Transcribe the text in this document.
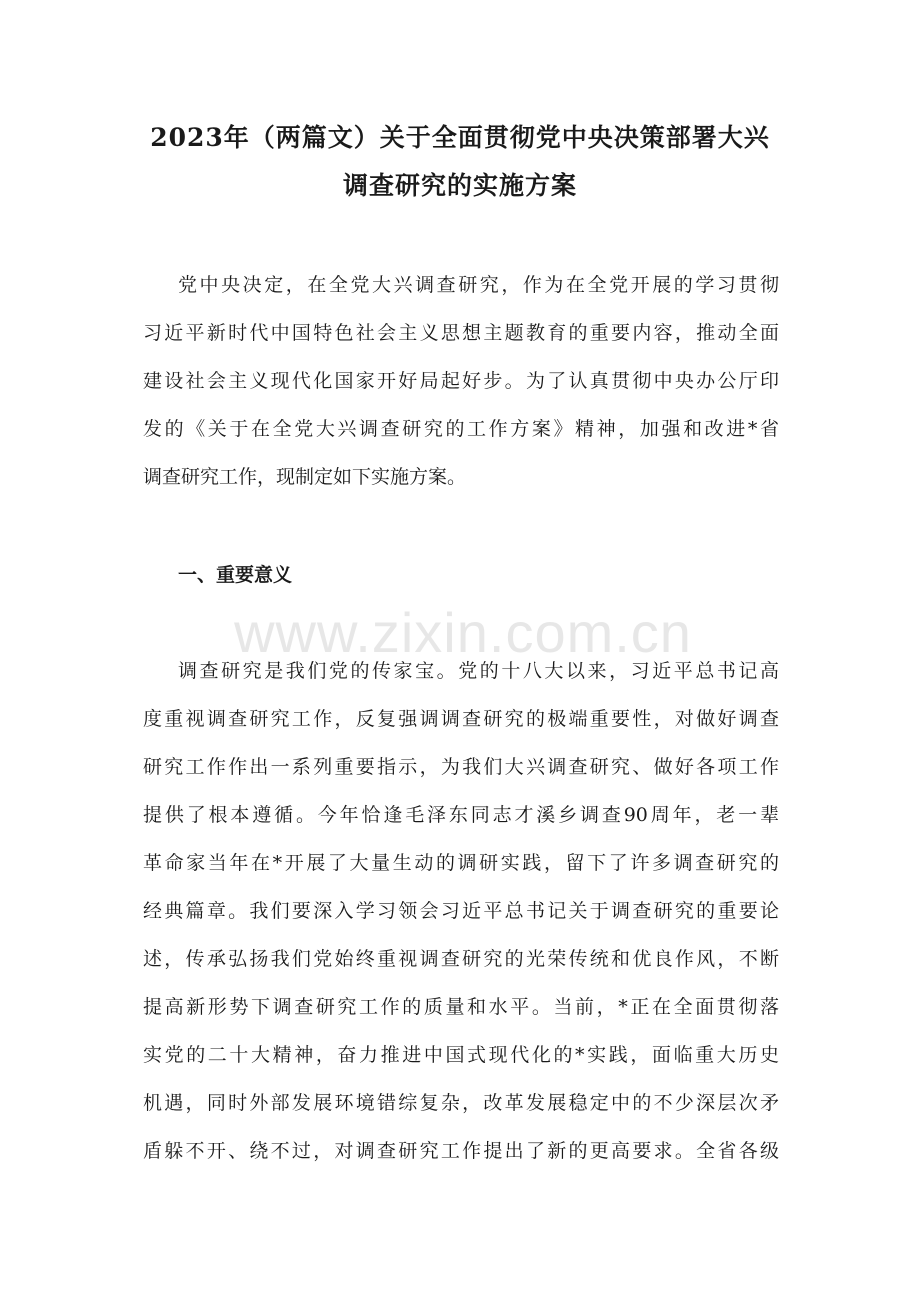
2023年（两篇文）关于全面贯彻党中央决策部署大兴
调查研究的实施方案
党中央决定，在全党大兴调查研究，作为在全党开展的学习贯彻
习近平新时代中国特色社会主义思想主题教育的重要内容，推动全面
建设社会主义现代化国家开好局起好步。为了认真贯彻中央办公厅印
发的《关于在全党大兴调查研究的工作方案》精神，加强和改进*省
调查研究工作，现制定如下实施方案。
一、重要意义
www.zixin.com.cn
调查研究是我们党的传家宝。党的十八大以来，习近平总书记高
度重视调查研究工作，反复强调调查研究的极端重要性，对做好调查
研究工作作出一系列重要指示，为我们大兴调查研究、做好各项工作
提供了根本遵循。今年恰逢毛泽东同志才溪乡调查90周年，老一辈
革命家当年在*开展了大量生动的调研实践，留下了许多调查研究的
经典篇章。我们要深入学习领会习近平总书记关于调查研究的重要论
述，传承弘扬我们党始终重视调查研究的光荣传统和优良作风，不断
提高新形势下调查研究工作的质量和水平。当前，*正在全面贯彻落
实党的二十大精神，奋力推进中国式现代化的*实践，面临重大历史
机遇，同时外部发展环境错综复杂，改革发展稳定中的不少深层次矛
盾躲不开、绕不过，对调查研究工作提出了新的更高要求。全省各级
